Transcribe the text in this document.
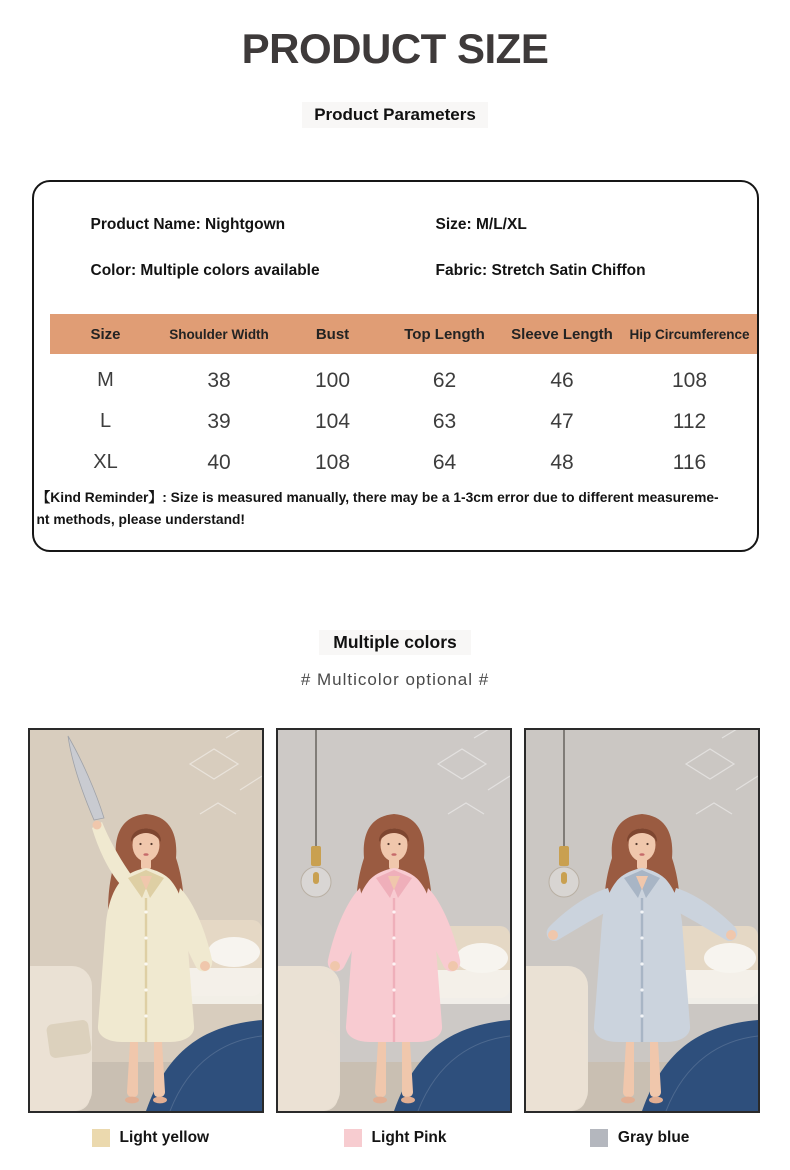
PRODUCT SIZE
Product Parameters
Product Name: Nightgown	Size: M/L/XL
Color: Multiple colors available	Fabric: Stretch Satin Chiffon
Size	Shoulder Width	Bust	Top Length	Sleeve Length	Hip Circumference
M	38	100	62	46	108
L	39	104	63	47	112
XL	40	108	64	48	116
【Kind Reminder】: Size is measured manually, there may be a 1-3cm error due to different measureme-
nt methods, please understand!
Multiple colors
# Multicolor optional #
Light yellow	Light Pink	Gray blue
